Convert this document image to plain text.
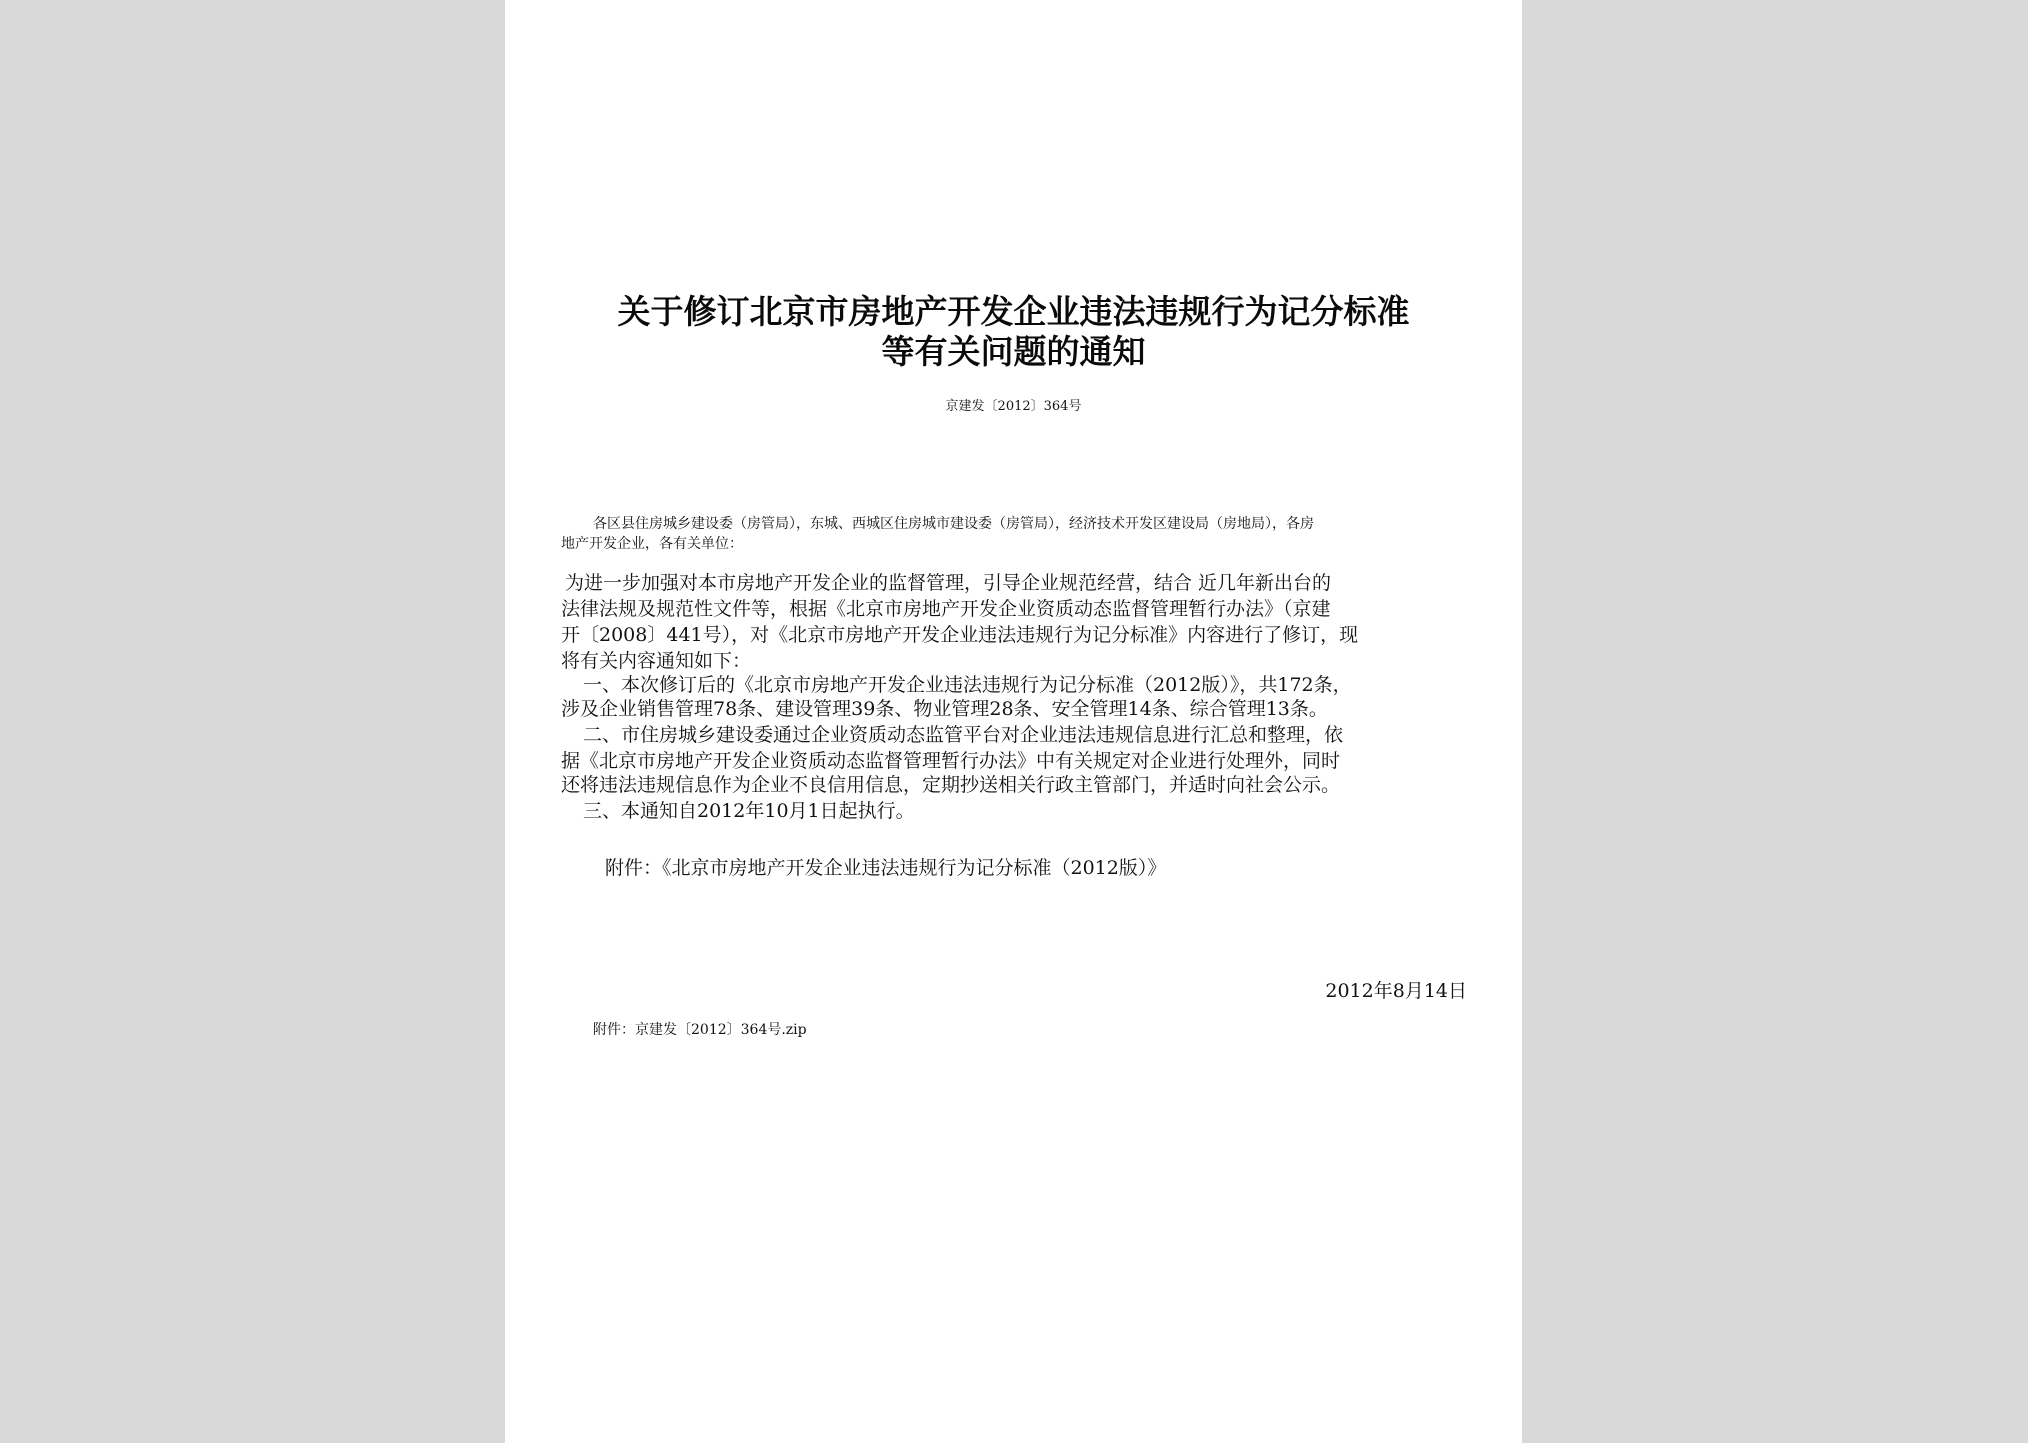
关于修订北京市房地产开发企业违法违规行为记分标准
等有关问题的通知
京建发〔2012〕364号
各区县住房城乡建设委（房管局），东城、西城区住房城市建设委（房管局），经济技术开发区建设局（房地局），各房
地产开发企业，各有关单位：
为进一步加强对本市房地产开发企业的监督管理，引导企业规范经营，结合 近几年新出台的
法律法规及规范性文件等，根据《北京市房地产开发企业资质动态监督管理暂行办法》（京建
开〔2008〕441号），对《北京市房地产开发企业违法违规行为记分标准》内容进行了修订，现
将有关内容通知如下：
一、本次修订后的《北京市房地产开发企业违法违规行为记分标准（2012版）》，共172条，
涉及企业销售管理78条、建设管理39条、物业管理28条、安全管理14条、综合管理13条。
二、市住房城乡建设委通过企业资质动态监管平台对企业违法违规信息进行汇总和整理，依
据《北京市房地产开发企业资质动态监督管理暂行办法》中有关规定对企业进行处理外，同时
还将违法违规信息作为企业不良信用信息，定期抄送相关行政主管部门，并适时向社会公示。
三、本通知自2012年10月1日起执行。
附件：《北京市房地产开发企业违法违规行为记分标准（2012版）》
2012年8月14日
附件：京建发〔2012〕364号.zip
